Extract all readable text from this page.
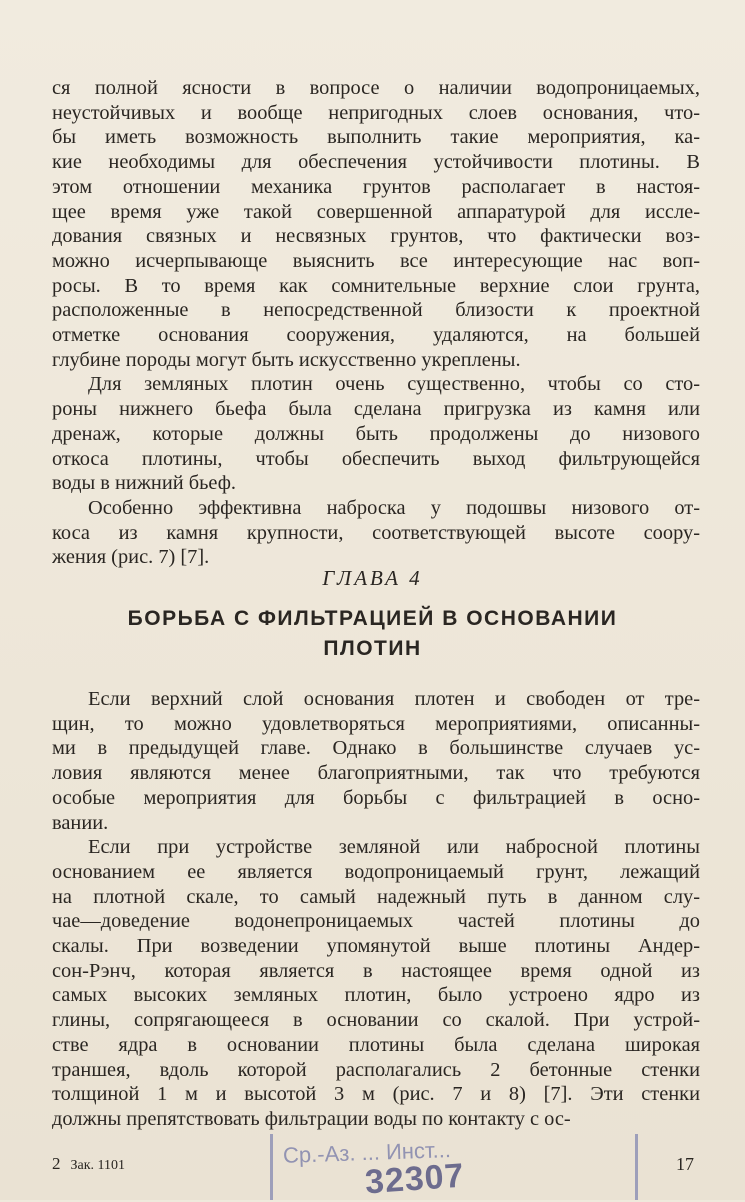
ся полной ясности в вопросе о наличии водопроницаемых,
неустойчивых и вообще непригодных слоев основания, что-
бы иметь возможность выполнить такие мероприятия, ка-
кие необходимы для обеспечения устойчивости плотины. В
этом отношении механика грунтов располагает в настоя-
щее время уже такой совершенной аппаратурой для иссле-
дования связных и несвязных грунтов, что фактически воз-
можно исчерпывающе выяснить все интересующие нас воп-
росы. В то время как сомнительные верхние слои грунта,
расположенные в непосредственной близости к проектной
отметке основания сооружения, удаляются, на большей
глубине породы могут быть искусственно укреплены.

Для земляных плотин очень существенно, чтобы со сто-
роны нижнего бьефа была сделана пригрузка из камня или
дренаж, которые должны быть продолжены до низового
откоса плотины, чтобы обеспечить выход фильтрующейся
воды в нижний бьеф.

Особенно эффективна наброска у подошвы низового от-
коса из камня крупности, соответствующей высоте соору-
жения (рис. 7) [7].

ГЛАВА 4
БОРЬБА С ФИЛЬТРАЦИЕЙ В ОСНОВАНИИ
ПЛОТИН

Если верхний слой основания плотен и свободен от тре-
щин, то можно удовлетворяться мероприятиями, описанны-
ми в предыдущей главе. Однако в большинстве случаев ус-
ловия являются менее благоприятными, так что требуются
особые мероприятия для борьбы с фильтрацией в осно-
вании.

Если при устройстве земляной или набросной плотины
основанием ее является водопроницаемый грунт, лежащий
на плотной скале, то самый надежный путь в данном слу-
чае—доведение водонепроницаемых частей плотины до
скалы. При возведении упомянутой выше плотины Андер-
сон-Рэнч, которая является в настоящее время одной из
самых высоких земляных плотин, было устроено ядро из
глины, сопрягающееся в основании со скалой. При устрой-
стве ядра в основании плотины была сделана широкая
траншея, вдоль которой располагались 2 бетонные стенки
толщиной 1 м и высотой 3 м (рис. 7 и 8) [7]. Эти стенки
должны препятствовать фильтрации воды по контакту с ос-

2 Зак. 1101	Ср.-Аз. ... Инст...
32307	17
